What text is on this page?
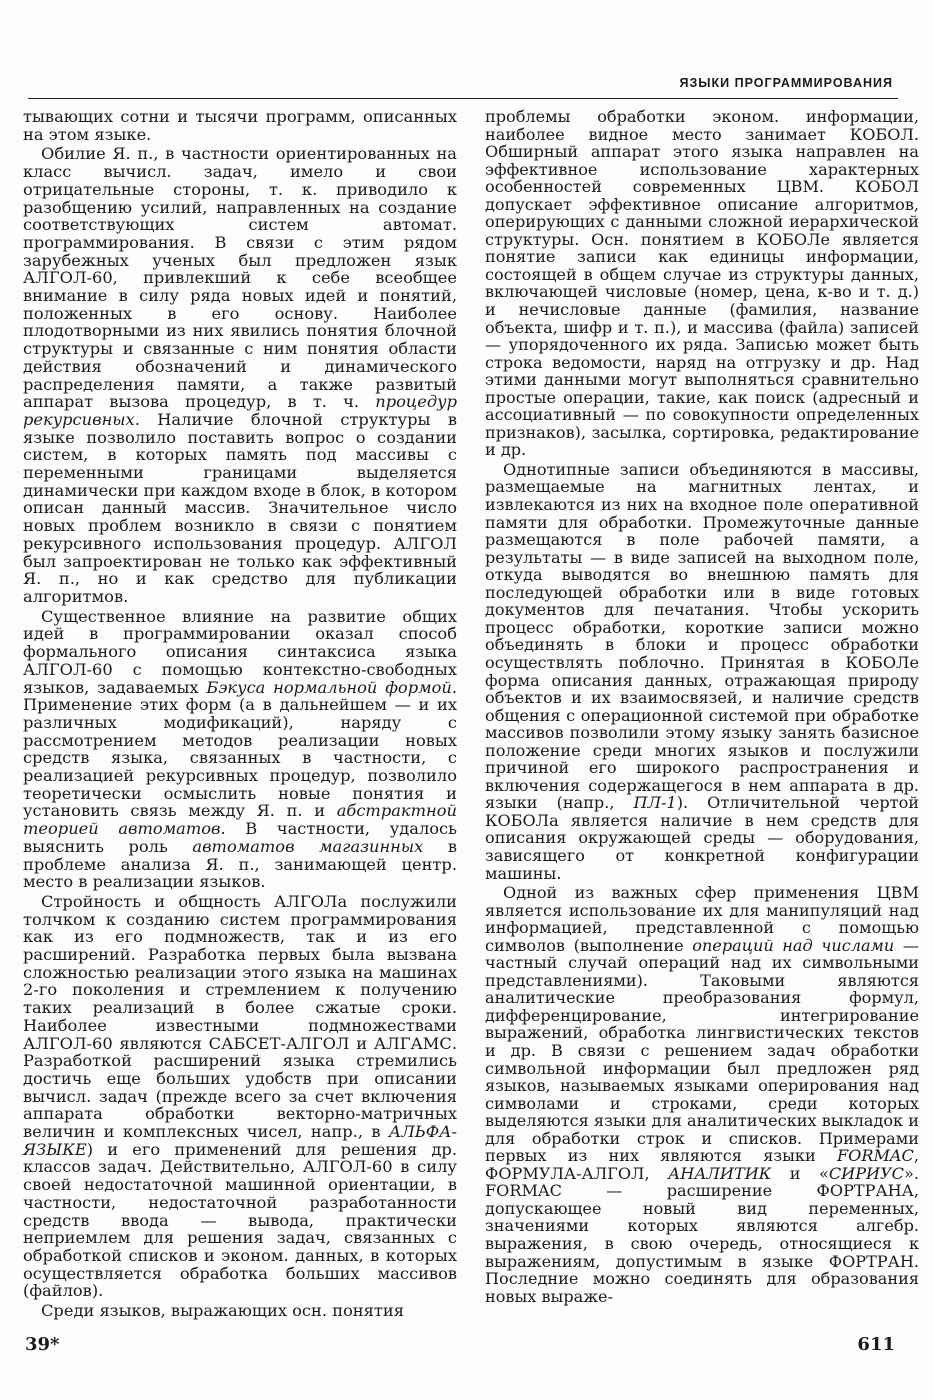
ЯЗЫКИ ПРОГРАММИРОВАНИЯ

тывающих сотни и тысячи программ, описанных на этом языке.

Обилие Я. п., в частности ориентированных на класс вычисл. задач, имело и свои отрицательные стороны, т. к. приводило к разобщению усилий, направленных на создание соответствующих систем автомат. программирования. В связи с этим рядом зарубежных ученых был предложен язык АЛГОЛ-60, привлекший к себе всеобщее внимание в силу ряда новых идей и понятий, положенных в его основу. Наиболее плодотворными из них явились понятия блочной структуры и связанные с ним понятия области действия обозначений и динамического распределения памяти, а также развитый аппарат вызова процедур, в т. ч. процедур рекурсивных. Наличие блочной структуры в языке позволило поставить вопрос о создании систем, в которых память под массивы с переменными границами выделяется динамически при каждом входе в блок, в котором описан данный массив. Значительное число новых проблем возникло в связи с понятием рекурсивного использования процедур. АЛГОЛ был запроектирован не только как эффективный Я. п., но и как средство для публикации алгоритмов.

Существенное влияние на развитие общих идей в программировании оказал способ формального описания синтаксиса языка АЛГОЛ-60 с помощью контекстно-свободных языков, задаваемых Бэкуса нормальной формой. Применение этих форм (а в дальнейшем — и их различных модификаций), наряду с рассмотрением методов реализации новых средств языка, связанных в частности, с реализацией рекурсивных процедур, позволило теоретически осмыслить новые понятия и установить связь между Я. п. и абстрактной теорией автоматов. В частности, удалось выяснить роль автоматов магазинных в проблеме анализа Я. п., занимающей центр. место в реализации языков.

Стройность и общность АЛГОЛа послужили толчком к созданию систем программирования как из его подмножеств, так и из его расширений. Разработка первых была вызвана сложностью реализации этого языка на машинах 2-го поколения и стремлением к получению таких реализаций в более сжатые сроки. Наиболее известными подмножествами АЛГОЛ-60 являются САБСЕТ-АЛГОЛ и АЛГАМС. Разработкой расширений языка стремились достичь еще больших удобств при описании вычисл. задач (прежде всего за счет включения аппарата обработки векторно-матричных величин и комплексных чисел, напр., в АЛЬФА-ЯЗЫКЕ) и его применений для решения др. классов задач. Действительно, АЛГОЛ-60 в силу своей недостаточной машинной ориентации, в частности, недостаточной разработанности средств ввода — вывода, практически неприемлем для решения задач, связанных с обработкой списков и эконом. данных, в которых осуществляется обработка больших массивов (файлов).

Среди языков, выражающих осн. понятия

проблемы обработки эконом. информации, наиболее видное место занимает КОБОЛ. Обширный аппарат этого языка направлен на эффективное использование характерных особенностей современных ЦВМ. КОБОЛ допускает эффективное описание алгоритмов, оперирующих с данными сложной иерархической структуры. Осн. понятием в КОБОЛе является понятие записи как единицы информации, состоящей в общем случае из структуры данных, включающей числовые (номер, цена, к-во и т. д.) и нечисловые данные (фамилия, название объекта, шифр и т. п.), и массива (файла) записей — упорядоченного их ряда. Записью может быть строка ведомости, наряд на отгрузку и др. Над этими данными могут выполняться сравнительно простые операции, такие, как поиск (адресный и ассоциативный — по совокупности определенных признаков), засылка, сортировка, редактирование и др.

Однотипные записи объединяются в массивы, размещаемые на магнитных лентах, и извлекаются из них на входное поле оперативной памяти для обработки. Промежуточные данные размещаются в поле рабочей памяти, а результаты — в виде записей на выходном поле, откуда выводятся во внешнюю память для последующей обработки или в виде готовых документов для печатания. Чтобы ускорить процесс обработки, короткие записи можно объединять в блоки и процесс обработки осуществлять поблочно. Принятая в КОБОЛе форма описания данных, отражающая природу объектов и их взаимосвязей, и наличие средств общения с операционной системой при обработке массивов позволили этому языку занять базисное положение среди многих языков и послужили причиной его широкого распространения и включения содержащегося в нем аппарата в др. языки (напр., ПЛ-1). Отличительной чертой КОБОЛа является наличие в нем средств для описания окружающей среды — оборудования, зависящего от конкретной конфигурации машины.

Одной из важных сфер применения ЦВМ является использование их для манипуляций над информацией, представленной с помощью символов (выполнение операций над числами — частный случай операций над их символьными представлениями). Таковыми являются аналитические преобразования формул, дифференцирование, интегрирование выражений, обработка лингвистических текстов и др. В связи с решением задач обработки символьной информации был предложен ряд языков, называемых языками оперирования над символами и строками, среди которых выделяются языки для аналитических выкладок и для обработки строк и списков. Примерами первых из них являются языки FORMAC, ФОРМУЛА-АЛГОЛ, АНАЛИТИК и «СИРИУС». FORMAC — расширение ФОРТРАНА, допускающее новый вид переменных, значениями которых являются алгебр. выражения, в свою очередь, относящиеся к выражениям, допустимым в языке ФОРТРАН. Последние можно соединять для образования новых выраже-

39*	611
